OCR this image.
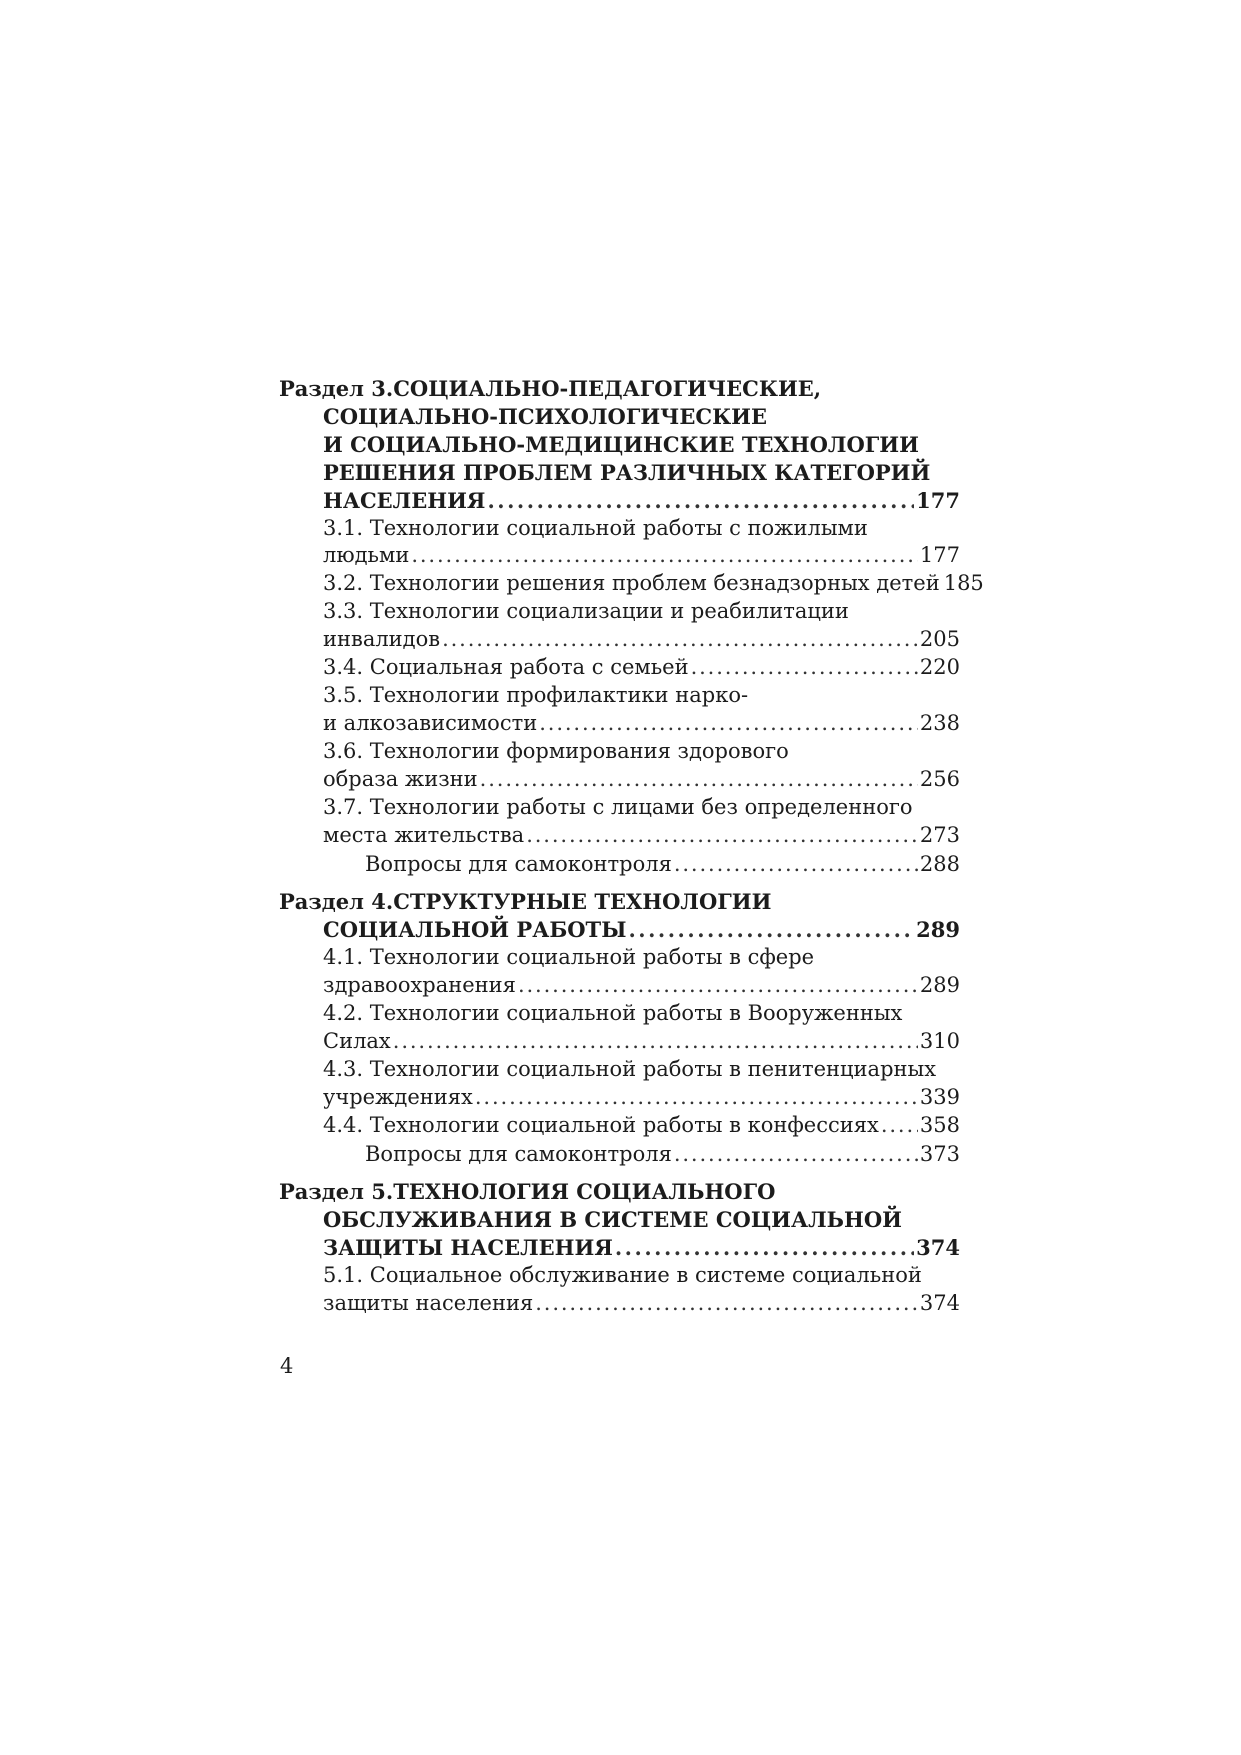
Раздел 3. СОЦИАЛЬНО-ПЕДАГОГИЧЕСКИЕ,
СОЦИАЛЬНО-ПСИХОЛОГИЧЕСКИЕ
И СОЦИАЛЬНО-МЕДИЦИНСКИЕ ТЕХНОЛОГИИ
РЕШЕНИЯ ПРОБЛЕМ РАЗЛИЧНЫХ КАТЕГОРИЙ
НАСЕЛЕНИЯ . . .	177
3.1. Технологии социальной работы с пожилыми
людьми . . .	177
3.2. Технологии решения проблем безнадзорных детей 185
3.3. Технологии социализации и реабилитации
инвалидов . . .	205
3.4. Социальная работа с семьей . . .	220
3.5. Технологии профилактики нарко-
и алкозависимости . . .	238
3.6. Технологии формирования здорового
образа жизни . . .	256
3.7. Технологии работы с лицами без определенного
места жительства . . .	273
Вопросы для самоконтроля . . .	288
Раздел 4. СТРУКТУРНЫЕ ТЕХНОЛОГИИ
СОЦИАЛЬНОЙ РАБОТЫ . . .	289
4.1. Технологии социальной работы в сфере
здравоохранения . . .	289
4.2. Технологии социальной работы в Вооруженных
Силах . . .	310
4.3. Технологии социальной работы в пенитенциарных
учреждениях . . .	339
4.4. Технологии социальной работы в конфессиях . . . 358
Вопросы для самоконтроля . . .	373
Раздел 5. ТЕХНОЛОГИЯ СОЦИАЛЬНОГО
ОБСЛУЖИВАНИЯ В СИСТЕМЕ СОЦИАЛЬНОЙ
ЗАЩИТЫ НАСЕЛЕНИЯ . . .	374
5.1. Социальное обслуживание в системе социальной
защиты населения . . .	374
4
